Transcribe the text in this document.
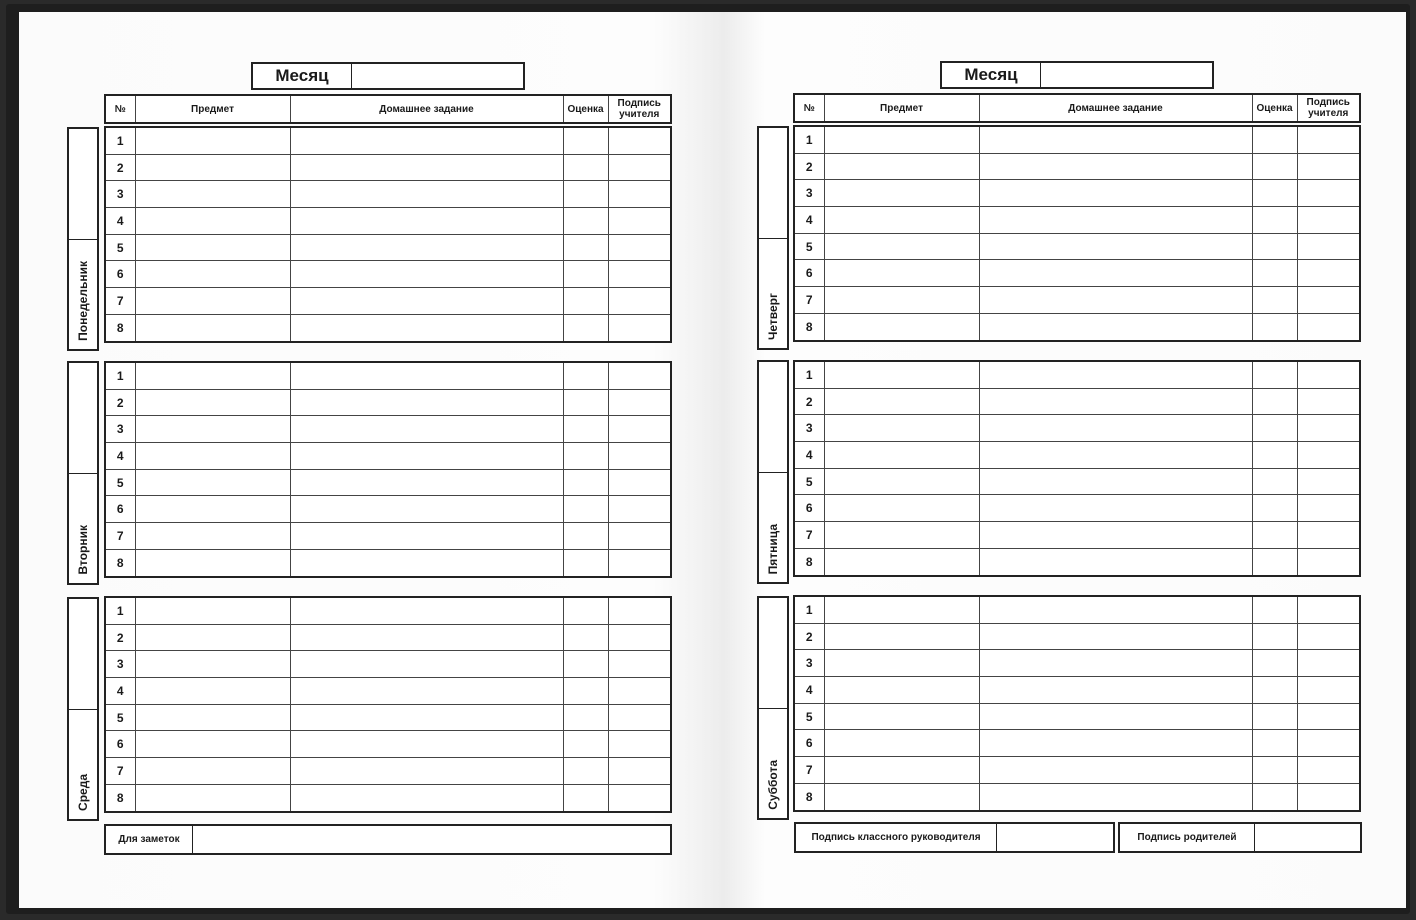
Месяц
№	Предмет	Домашнее задание	Оценка	Подпись учителя
Понедельник
1				
2				
3				
4				
5				
6				
7				
8				
Вторник
1				
2				
3				
4				
5				
6				
7				
8				
Среда
1				
2				
3				
4				
5				
6				
7				
8				
Для заметок
Месяц
№	Предмет	Домашнее задание	Оценка	Подпись учителя
Четверг
1				
2				
3				
4				
5				
6				
7				
8				
Пятница
1				
2				
3				
4				
5				
6				
7				
8				
Суббота
1				
2				
3				
4				
5				
6				
7				
8				
Подпись классного руководителя	Подпись родителей
